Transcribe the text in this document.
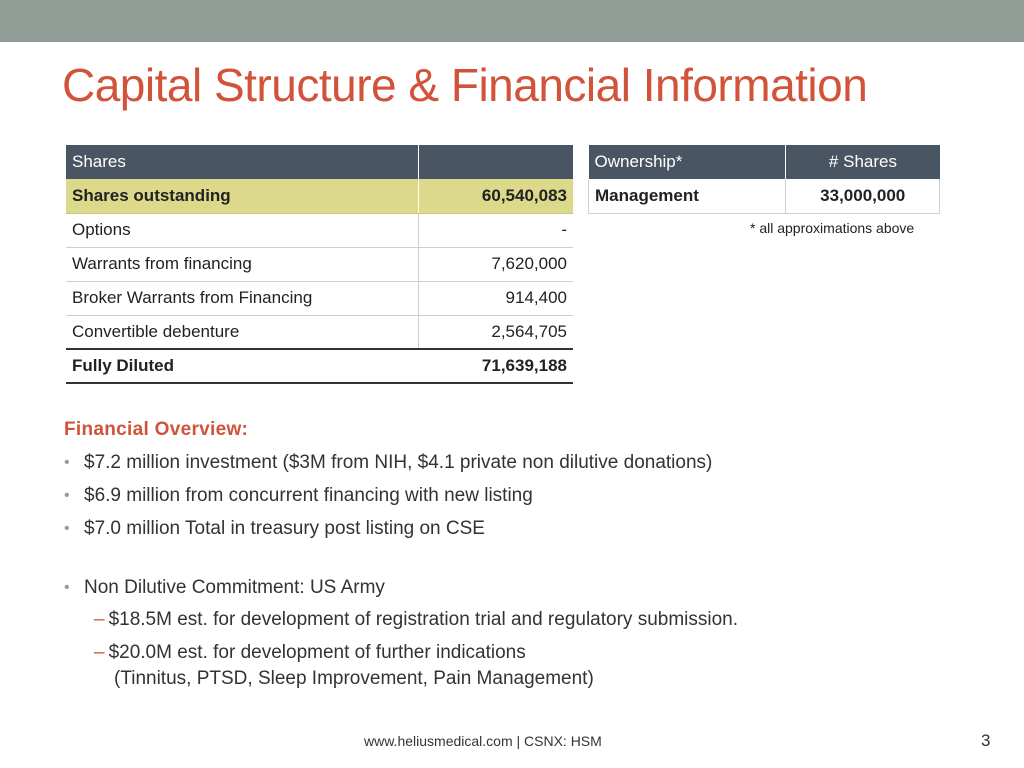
Capital Structure & Financial Information
Shares	
Shares outstanding	60,540,083
Options	-
Warrants from financing	7,620,000
Broker Warrants from Financing	914,400
Convertible debenture	2,564,705
Fully Diluted	71,639,188
Ownership*	# Shares
Management	33,000,000
* all approximations above
Financial Overview:
• $7.2 million investment ($3M from NIH, $4.1 private non dilutive donations)
• $6.9 million from concurrent financing with new listing
• $7.0 million Total in treasury post listing on CSE
• Non Dilutive Commitment: US Army
– $18.5M est. for development of registration trial and regulatory submission.
– $20.0M est. for development of further indications
(Tinnitus, PTSD, Sleep Improvement, Pain Management)
www.heliusmedical.com | CSNX: HSM	3
